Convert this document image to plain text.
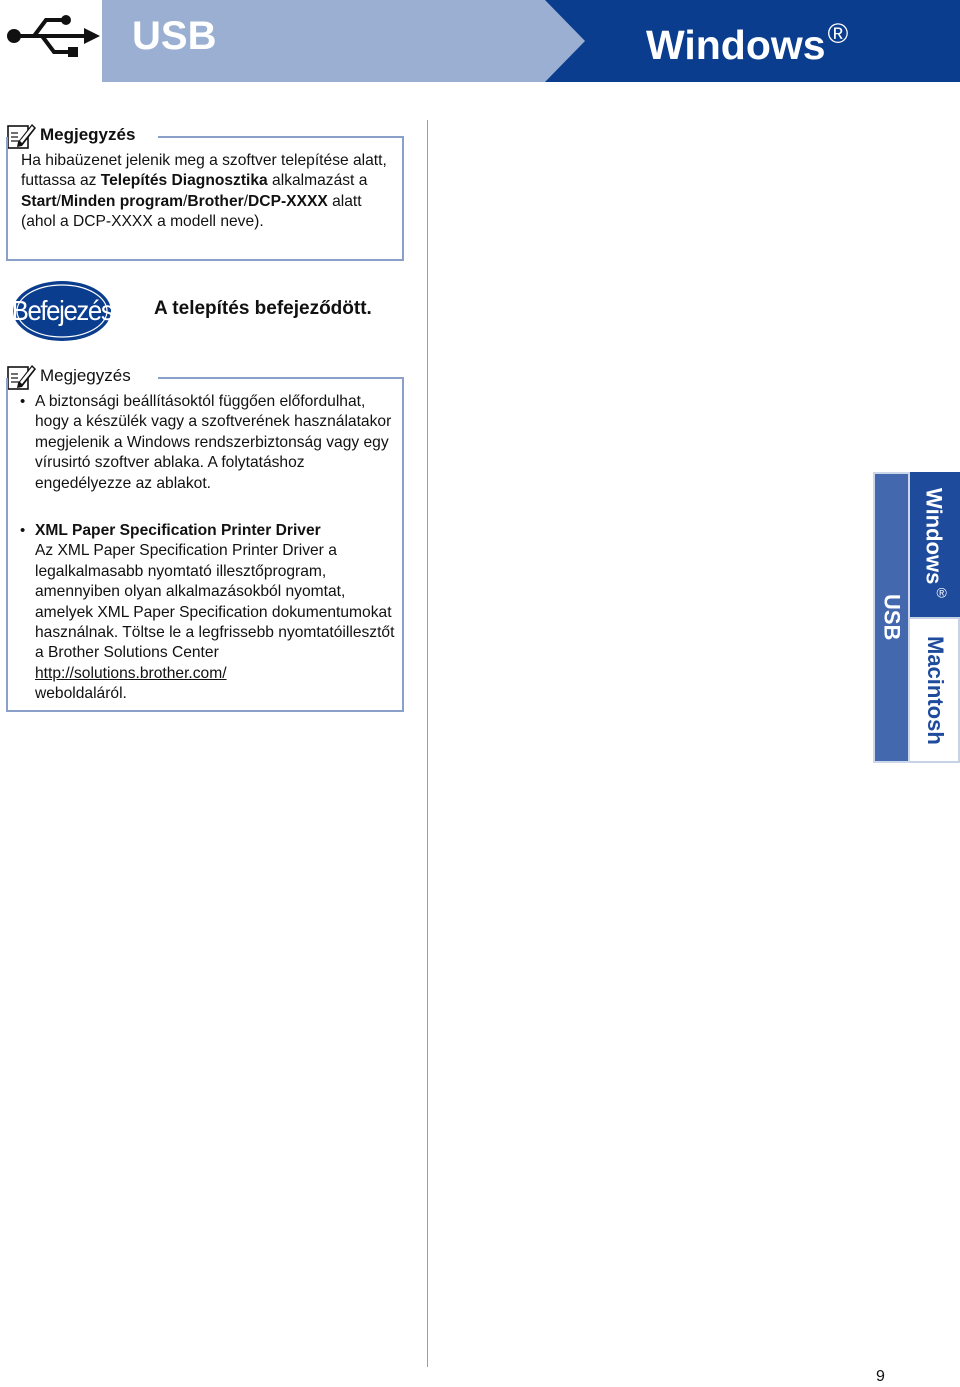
USB	Windows®
Megjegyzés
Ha hibaüzenet jelenik meg a szoftver telepítése alatt, futtassa az Telepítés Diagnosztika alkalmazást a Start/Minden program/Brother/DCP-XXXX alatt (ahol a DCP-XXXX a modell neve).
Befejezés A telepítés befejeződött.
Megjegyzés
• A biztonsági beállításoktól függően előfordulhat, hogy a készülék vagy a szoftverének használatakor megjelenik a Windows rendszerbiztonság vagy egy vírusirtó szoftver ablaka. A folytatáshoz engedélyezze az ablakot.
• XML Paper Specification Printer Driver
Az XML Paper Specification Printer Driver a legalkalmasabb nyomtató illesztőprogram, amennyiben olyan alkalmazásokból nyomtat, amelyek XML Paper Specification dokumentumokat használnak. Töltse le a legfrissebb nyomtatóillesztőt a Brother Solutions Center http://solutions.brother.com/
weboldaláról.
USB
Windows®
Macintosh
9
